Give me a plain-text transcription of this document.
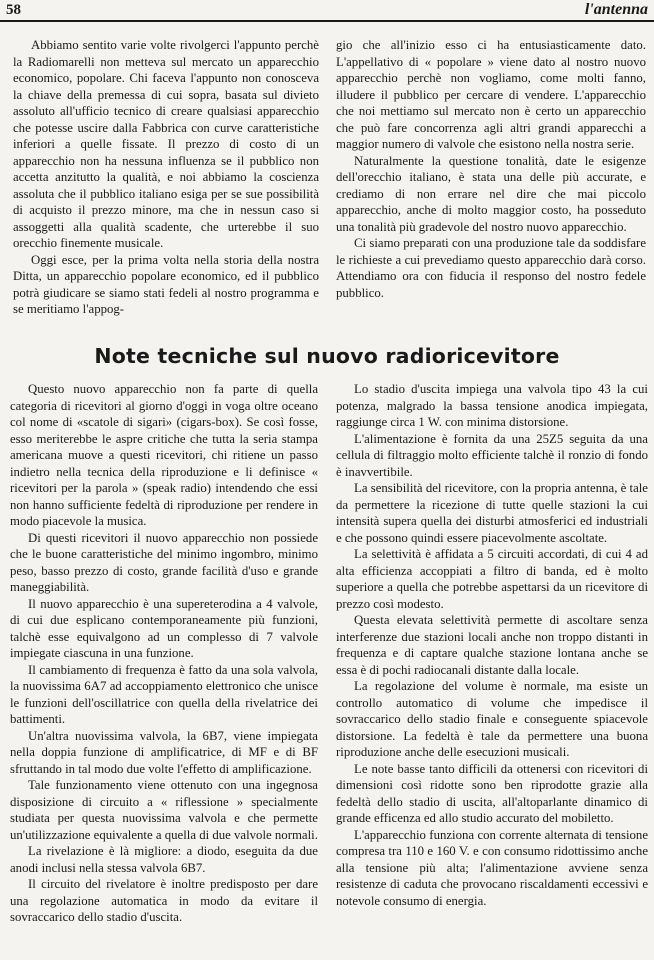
58	l'antenna

Abbiamo sentito varie volte rivolgerci l'appunto perchè la Radiomarelli non metteva sul mercato un apparecchio economico, popolare. Chi faceva l'appunto non conosceva la chiave della premessa di cui sopra, basata sul divieto assoluto all'ufficio tecnico di creare qualsiasi apparecchio che potesse uscire dalla Fabbrica con curve caratteristiche inferiori a quelle fissate. Il prezzo di costo di un apparecchio non ha nessuna influenza se il pubblico non accetta anzitutto la qualità, e noi abbiamo la coscienza assoluta che il pubblico italiano esiga per se sue possibilità di acquisto il prezzo minore, ma che in nessun caso si assoggetti alla qualità scadente, che urterebbe il suo orecchio finemente musicale.

Oggi esce, per la prima volta nella storia della nostra Ditta, un apparecchio popolare economico, ed il pubblico potrà giudicare se siamo stati fedeli al nostro programma e se meritiamo l'appog-

gio che all'inizio esso ci ha entusiasticamente dato. L'appellativo di « popolare » viene dato al nostro nuovo apparecchio perchè non vogliamo, come molti fanno, illudere il pubblico per cercare di vendere. L'apparecchio che noi mettiamo sul mercato non è certo un apparecchio che può fare concorrenza agli altri grandi apparecchi a maggior numero di valvole che esistono nella nostra serie.

Naturalmente la questione tonalità, date le esigenze dell'orecchio italiano, è stata una delle più accurate, e crediamo di non errare nel dire che mai piccolo apparecchio, anche di molto maggior costo, ha posseduto una tonalità più gradevole del nostro nuovo apparecchio.

Ci siamo preparati con una produzione tale da soddisfare le richieste a cui prevediamo questo apparecchio darà corso. Attendiamo ora con fiducia il responso del nostro fedele pubblico.

Note tecniche sul nuovo radioricevitore

Questo nuovo apparecchio non fa parte di quella categoria di ricevitori al giorno d'oggi in voga oltre oceano col nome di «scatole di sigari» (cigars-box). Se così fosse, esso meriterebbe le aspre critiche che tutta la seria stampa americana muove a questi ricevitori, chi ritiene un passo indietro nella tecnica della riproduzione e li definisce « ricevitori per la parola » (speak radio) intendendo che essi non hanno sufficiente fedeltà di riproduzione per rendere in modo piacevole la musica.

Di questi ricevitori il nuovo apparecchio non possiede che le buone caratteristiche del minimo ingombro, minimo peso, basso prezzo di costo, grande facilità d'uso e grande maneggiabilità.

Il nuovo apparecchio è una supereterodina a 4 valvole, di cui due esplicano contemporaneamente più funzioni, talchè esse equivalgono ad un complesso di 7 valvole impiegate ciascuna in una funzione.

Il cambiamento di frequenza è fatto da una sola valvola, la nuovissima 6A7 ad accoppiamento elettronico che unisce le funzioni dell'oscillatrice con quella della rivelatrice dei battimenti.

Un'altra nuovissima valvola, la 6B7, viene impiegata nella doppia funzione di amplificatrice, di MF e di BF sfruttando in tal modo due volte l'effetto di amplificazione.

Tale funzionamento viene ottenuto con una ingegnosa disposizione di circuito a « riflessione » specialmente studiata per questa nuovissima valvola e che permette un'utilizzazione equivalente a quella di due valvole normali.

La rivelazione è là migliore: a diodo, eseguita da due anodi inclusi nella stessa valvola 6B7.

Il circuito del rivelatore è inoltre predisposto per dare una regolazione automatica in modo da evitare il sovraccarico dello stadio d'uscita.

Lo stadio d'uscita impiega una valvola tipo 43 la cui potenza, malgrado la bassa tensione anodica impiegata, raggiunge circa 1 W. con minima distorsione.

L'alimentazione è fornita da una 25Z5 seguita da una cellula di filtraggio molto efficiente talchè il ronzio di fondo è inavvertibile.

La sensibilità del ricevitore, con la propria antenna, è tale da permettere la ricezione di tutte quelle stazioni la cui intensità supera quella dei disturbi atmosferici ed industriali e che possono quindi essere piacevolmente ascoltate.

La selettività è affidata a 5 circuiti accordati, di cui 4 ad alta efficienza accoppiati a filtro di banda, ed è molto superiore a quella che potrebbe aspettarsi da un ricevitore di prezzo così modesto.

Questa elevata selettività permette di ascoltare senza interferenze due stazioni locali anche non troppo distanti in frequenza e di captare qualche stazione lontana anche se essa è di pochi radiocanali distante dalla locale.

La regolazione del volume è normale, ma esiste un controllo automatico di volume che impedisce il sovraccarico dello stadio finale e conseguente spiacevole distorsione. La fedeltà è tale da permettere una buona riproduzione anche delle esecuzioni musicali.

Le note basse tanto difficili da ottenersi con ricevitori di dimensioni così ridotte sono ben riprodotte grazie alla fedeltà dello stadio di uscita, all'altoparlante dinamico di grande efficenza ed allo studio accurato del mobiletto.

L'apparecchio funziona con corrente alternata di tensione compresa tra 110 e 160 V. e con consumo ridottissimo anche alla tensione più alta; l'alimentazione avviene senza resistenze di caduta che provocano riscaldamenti eccessivi e notevole consumo di energia.
